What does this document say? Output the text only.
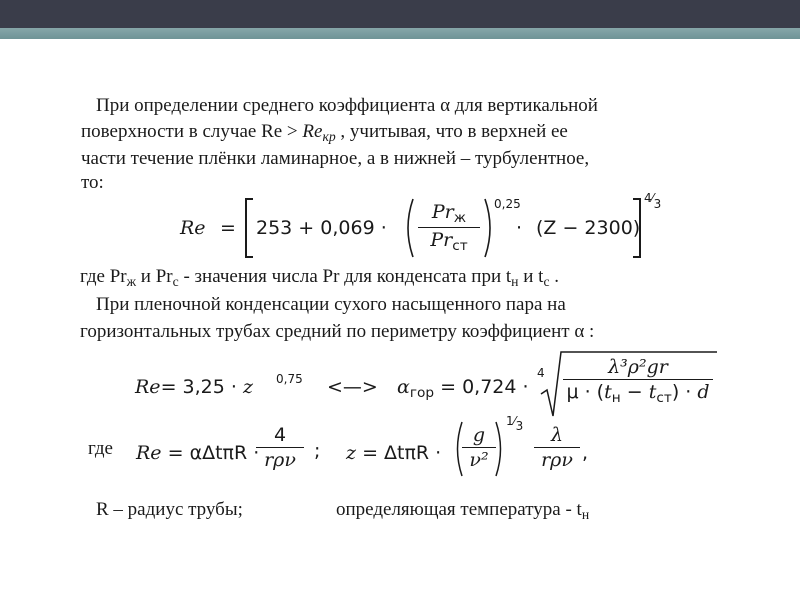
При определении среднего коэффициента α для вертикальной
поверхности в случае $Re > Re_{кр}$ , учитывая, что в верхней ее
части течение плёнки ламинарное, а в нижней – турбулентное,
то:
$Re = 253 + 0,069 \cdot \frac{Pr_ж}{Pr_{ст}} 0,25$
· (Z − 2300)
4⁄3
где $Pr_ж$ и $Pr_с$ - значения числа Pr для конденсата при $t_н$ и $t_с$ .
При пленочной конденсации сухого насыщенного пара на
горизонтальных трубах средний по периметру коэффициент α :
Re= 3,25 · z 0,75 <—> $\alpha_{гор} = 0,724$ ·
$4 \frac{\text{λ³ρ²gr}}{\mu \cdot (t_н - t_{ст}) \cdot d}$
где Re = αΔtπR ·
$\frac{4}{\text{rρν}}$ ; $z = \Delta t\pi R \cdot \frac{g}{\text{ν²}}$
1⁄3 $\frac{\lambda}{\text{rρν}}$ ,
R – радиус трубы;	определяющая температура - $t_н$
